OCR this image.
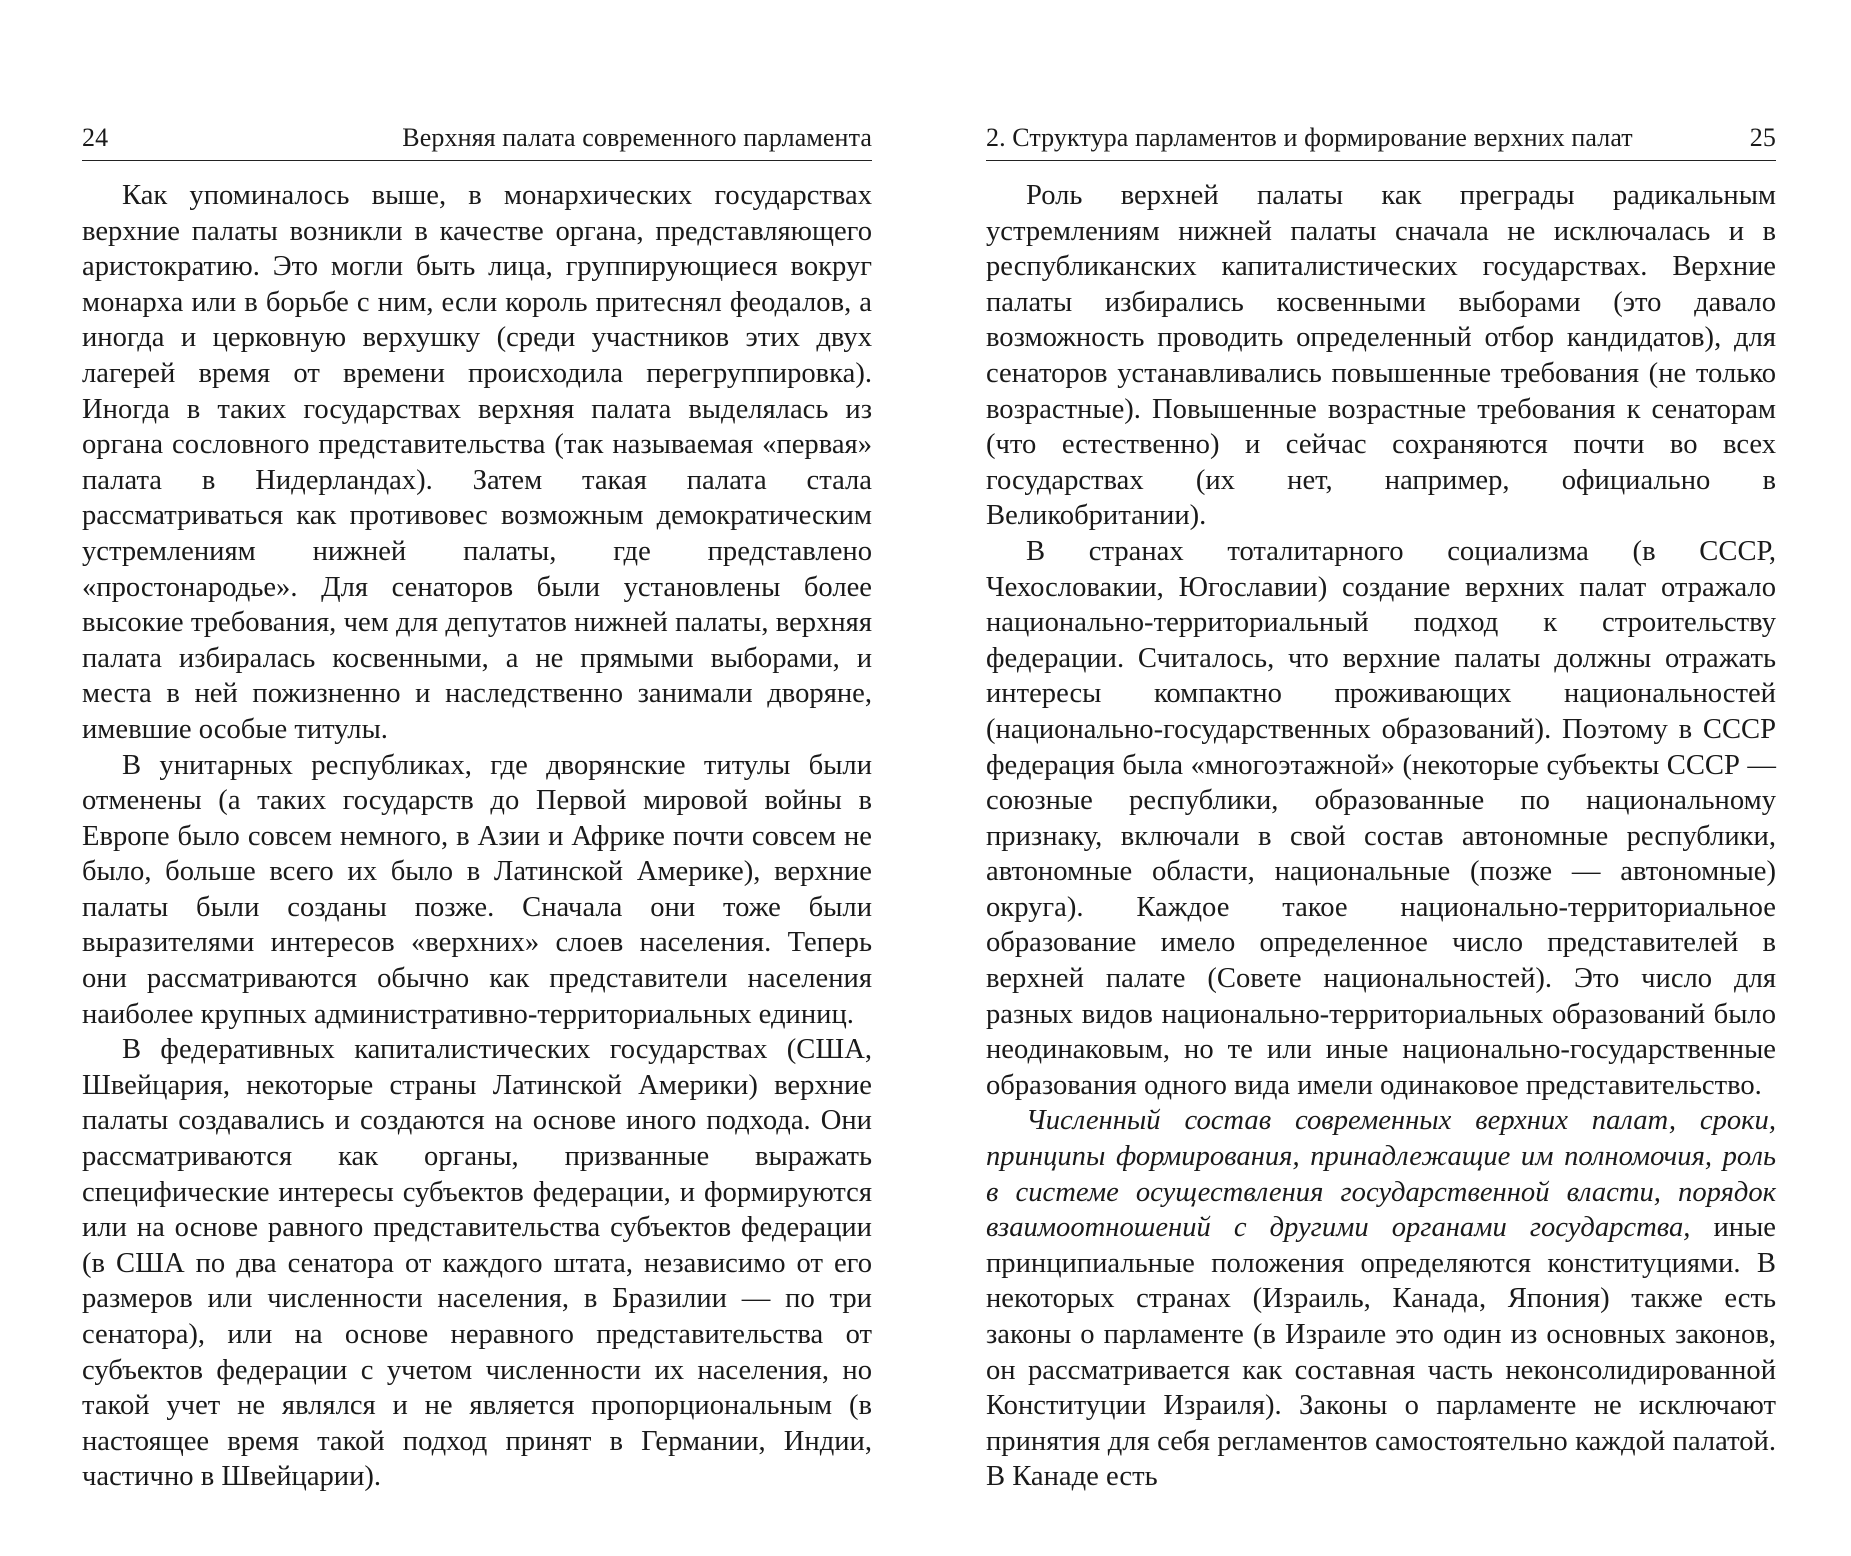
24	Верхняя палата современного парламента

Как упоминалось выше, в монархических государствах верхние палаты возникли в качестве органа, представляющего аристократию. Это могли быть лица, группирующиеся вокруг монарха или в борьбе с ним, если король притеснял феодалов, а иногда и церковную верхушку (среди участников этих двух лагерей время от времени происходила перегруппировка). Иногда в таких государствах верхняя палата выделялась из органа сословного представительства (так называемая «первая» палата в Нидерландах). Затем такая палата стала рассматриваться как противовес возможным демократическим устремлениям нижней палаты, где представлено «простонародье». Для сенаторов были установлены более высокие требования, чем для депутатов нижней палаты, верхняя палата избиралась косвенными, а не прямыми выборами, и места в ней пожизненно и наследственно занимали дворяне, имевшие особые титулы.

В унитарных республиках, где дворянские титулы были отменены (а таких государств до Первой мировой войны в Европе было совсем немного, в Азии и Африке почти совсем не было, больше всего их было в Латинской Америке), верхние палаты были созданы позже. Сначала они тоже были выразителями интересов «верхних» слоев населения. Теперь они рассматриваются обычно как представители населения наиболее крупных административно-территориальных единиц.

В федеративных капиталистических государствах (США, Швейцария, некоторые страны Латинской Америки) верхние палаты создавались и создаются на основе иного подхода. Они рассматриваются как органы, призванные выражать специфические интересы субъектов федерации, и формируются или на основе равного представительства субъектов федерации (в США по два сенатора от каждого штата, независимо от его размеров или численности населения, в Бразилии — по три сенатора), или на основе неравного представительства от субъектов федерации с учетом численности их населения, но такой учет не являлся и не является пропорциональным (в настоящее время такой подход принят в Германии, Индии, частично в Швейцарии).

2. Структура парламентов и формирование верхних палат	25

Роль верхней палаты как преграды радикальным устремлениям нижней палаты сначала не исключалась и в республиканских капиталистических государствах. Верхние палаты избирались косвенными выборами (это давало возможность проводить определенный отбор кандидатов), для сенаторов устанавливались повышенные требования (не только возрастные). Повышенные возрастные требования к сенаторам (что естественно) и сейчас сохраняются почти во всех государствах (их нет, например, официально в Великобритании).

В странах тоталитарного социализма (в СССР, Чехословакии, Югославии) создание верхних палат отражало национально-территориальный подход к строительству федерации. Считалось, что верхние палаты должны отражать интересы компактно проживающих национальностей (национально-государственных образований). Поэтому в СССР федерация была «многоэтажной» (некоторые субъекты СССР — союзные республики, образованные по национальному признаку, включали в свой состав автономные республики, автономные области, национальные (позже — автономные) округа). Каждое такое национально-территориальное образование имело определенное число представителей в верхней палате (Совете национальностей). Это число для разных видов национально-территориальных образований было неодинаковым, но те или иные национально-государственные образования одного вида имели одинаковое представительство.

Численный состав современных верхних палат, сроки, принципы формирования, принадлежащие им полномочия, роль в системе осуществления государственной власти, порядок взаимоотношений с другими органами государства, иные принципиальные положения определяются конституциями. В некоторых странах (Израиль, Канада, Япония) также есть законы о парламенте (в Израиле это один из основных законов, он рассматривается как составная часть неконсолидированной Конституции Израиля). Законы о парламенте не исключают принятия для себя регламентов самостоятельно каждой палатой. В Канаде есть
